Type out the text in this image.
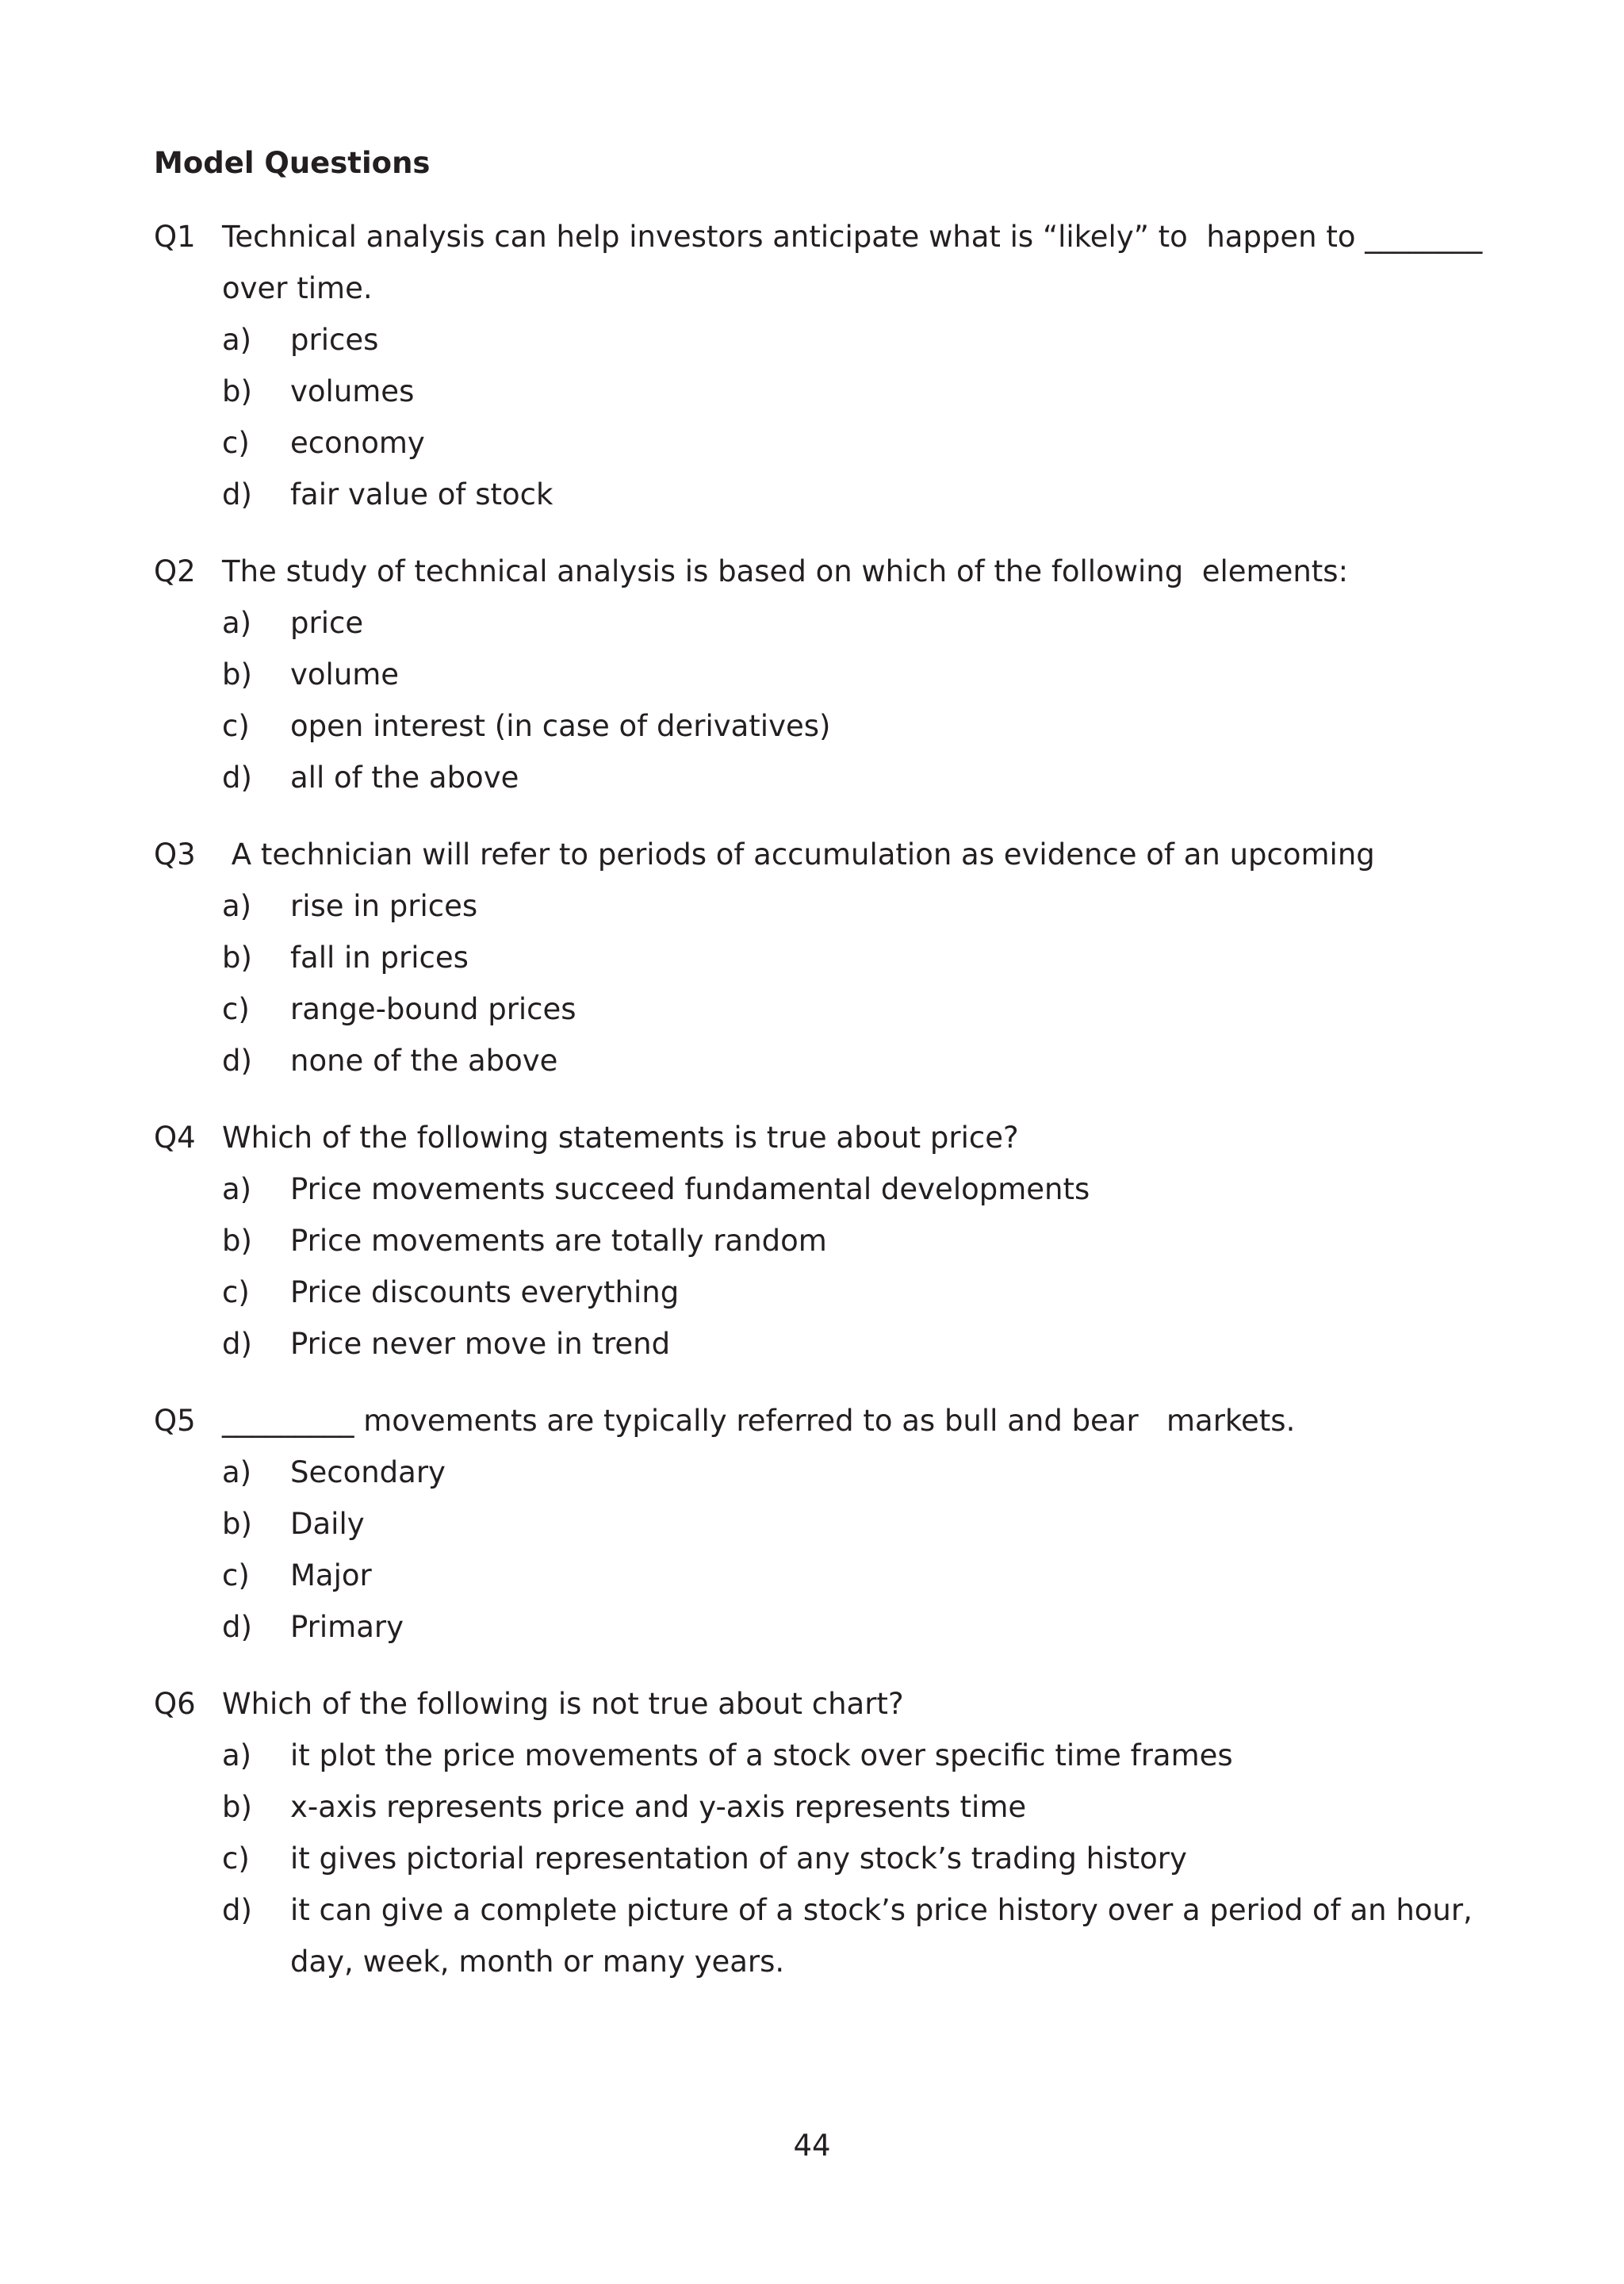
Model Questions
Q1 Technical analysis can help investors anticipate what is “likely” to  happen to ________ over time.
a)	prices
b)	volumes
c)	economy
d)	fair value of stock
Q2 The study of technical analysis is based on which of the following  elements:
a)	price
b)	volume
c)	open interest (in case of derivatives)
d)	all of the above
Q3 A technician will refer to periods of accumulation as evidence of an upcoming
a)	rise in prices
b)	fall in prices
c)	range-bound prices
d)	none of the above
Q4 Which of the following statements is true about price?
a)	Price movements succeed fundamental developments
b)	Price movements are totally random
c)	Price discounts everything
d)	Price never move in trend
Q5 _________ movements are typically referred to as bull and bear   markets.
a)	Secondary
b)	Daily
c)	Major
d)	Primary
Q6 Which of the following is not true about chart?
a)	it plot the price movements of a stock over specific time frames
b)	x-axis represents price and y-axis represents time
c)	it gives pictorial representation of any stock’s trading history
d)	it can give a complete picture of a stock’s price history over a period of an hour, day, week, month or many years.
44
